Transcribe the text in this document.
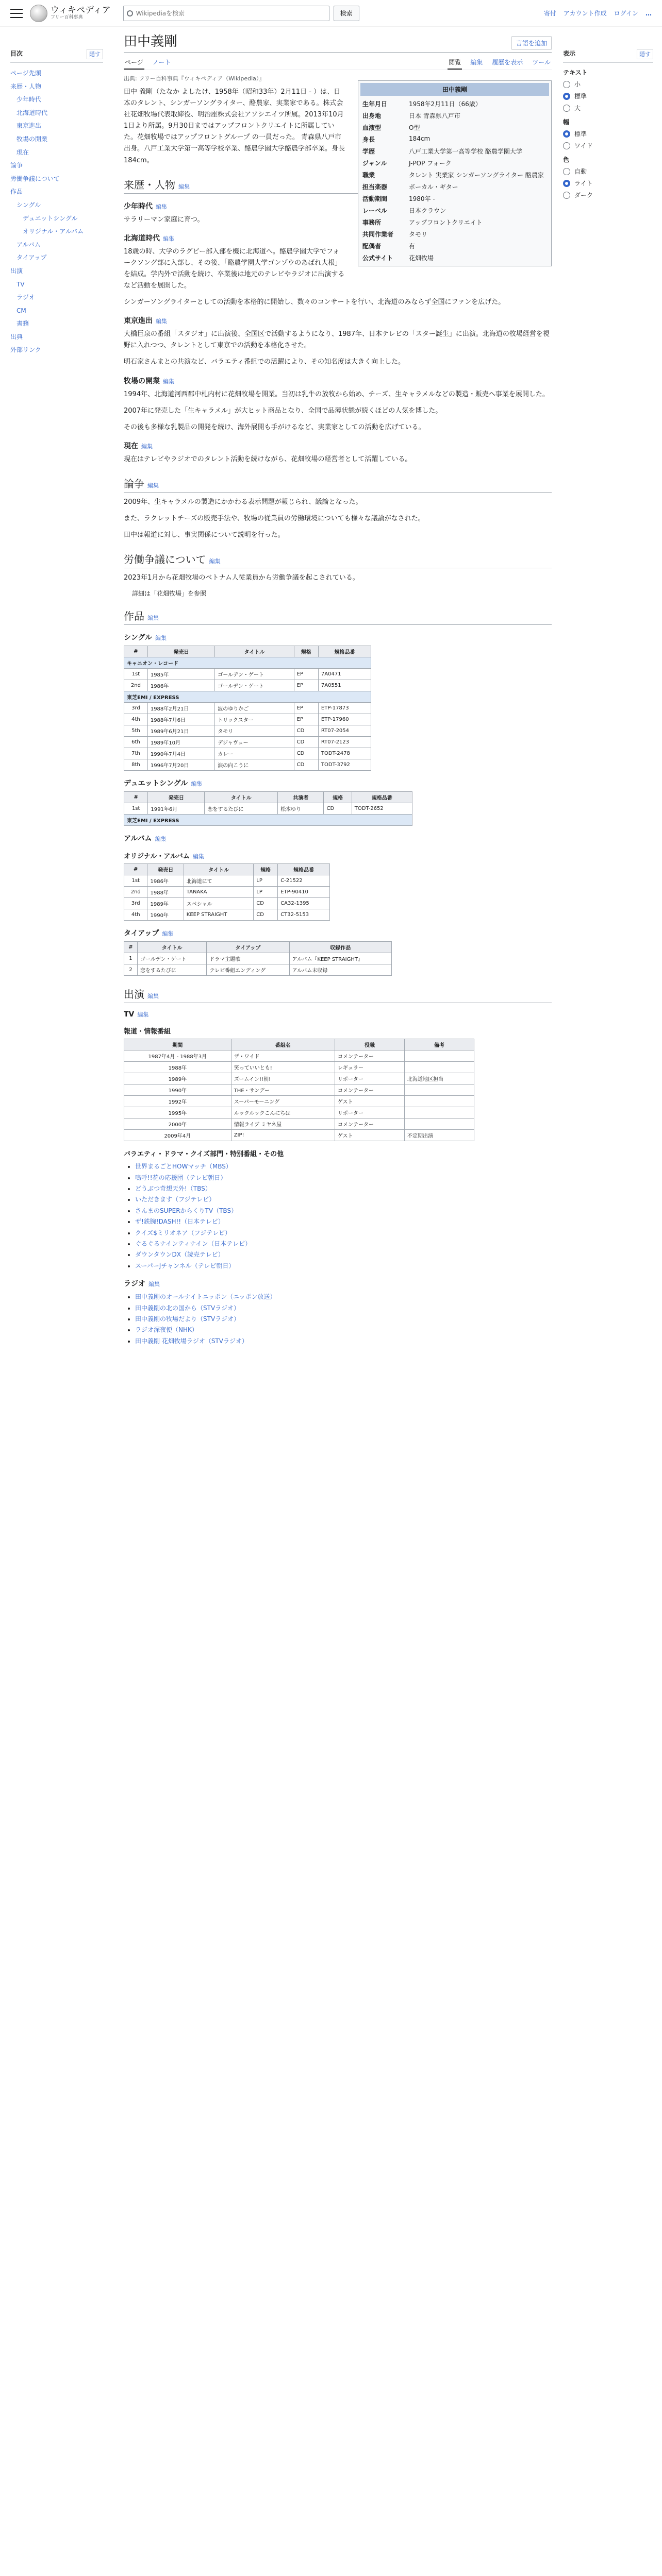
ウィキペディア
フリー百科事典
Wikipediaを検索
検索	寄付 アカウント作成 ログイン …
目次	隠す
ページ先頭
来歴・人物
少年時代
北海道時代
東京進出
牧場の開業
現在
論争
労働争議について
作品
シングル
デュエットシングル
オリジナル・アルバム
アルバム
タイアップ
出演
TV
ラジオ
CM
書籍
出典
外部リンク
田中義剛	言語を追加
ページ ノート	閲覧 編集 履歴を表示 ツール
出典: フリー百科事典『ウィキペディア（Wikipedia）』
田中義剛
生年月日	1958年2月11日（66歳）
出身地	日本 青森県八戸市
血液型	O型
身長	184cm
学歴	八戸工業大学第一高等学校 酪農学園大学
ジャンル	J-POP フォーク
職業	タレント 実業家 シンガーソングライター 酪農家
担当楽器	ボーカル・ギター
活動期間	1980年 -
レーベル	日本クラウン
事務所	アップフロントクリエイト
共同作業者	タモリ
配偶者	有
公式サイト	花畑牧場

田中 義剛（たなか よしたけ、1958年（昭和33年）2月11日 - ）は、日本のタレント、シンガーソングライター、酪農家、実業家である。株式会社花畑牧場代表取締役、明治座株式会社アソシエイツ所属。2013年10月1日より所属。9月30日まではアップフロントクリエイトに所属していた。花畑牧場ではアップフロントグループ の一員だった。 青森県八戸市出身。八戸工業大学第一高等学校卒業、酪農学園大学酪農学部卒業。身長184cm。

来歴・人物 編集
少年時代 編集

サラリーマン家庭に育つ。

北海道時代 編集

18歳の時、大学のラグビー部入部を機に北海道へ。酪農学園大学でフォークソング部に入部し、その後、「酪農学園大学ゴンゾウのあばれ大根」を結成。学内外で活動を続け、卒業後は地元のテレビやラジオに出演するなど活動を展開した。

シンガーソングライターとしての活動を本格的に開始し、数々のコンサートを行い、北海道のみならず全国にファンを広げた。

東京進出 編集

大橋巨泉の番組「スタジオ」に出演後、全国区で活動するようになり、1987年、日本テレビの「スター誕生」に出演。北海道の牧場経営を視野に入れつつ、タレントとして東京での活動を本格化させた。

明石家さんまとの共演など、バラエティ番組での活躍により、その知名度は大きく向上した。

牧場の開業 編集

1994年、北海道河西郡中札内村に花畑牧場を開業。当初は乳牛の放牧から始め、チーズ、生キャラメルなどの製造・販売へ事業を展開した。

2007年に発売した「生キャラメル」が大ヒット商品となり、全国で品薄状態が続くほどの人気を博した。

その後も多様な乳製品の開発を続け、海外展開も手がけるなど、実業家としての活動を広げている。

現在 編集

現在はテレビやラジオでのタレント活動を続けながら、花畑牧場の経営者として活躍している。

論争 編集

2009年、生キャラメルの製造にかかわる表示問題が報じられ、議論となった。

また、ラクレットチーズの販売手法や、牧場の従業員の労働環境についても様々な議論がなされた。

田中は報道に対し、事実関係について説明を行った。

労働争議について 編集

2023年1月から花畑牧場のベトナム人従業員から労働争議を起こされている。

詳細は「花畑牧場」を参照
作品 編集
シングル 編集
#	発売日	タイトル	規格	規格品番
キャニオン・レコード				
1st	1985年	ゴールデン・ゲート	EP	7A0471
2nd	1986年	ゴールデン・ゲート	EP	7A0551
東芝EMI / EXPRESS				
3rd	1988年2月21日	波のゆりかご	EP	ETP-17873
4th	1988年7月6日	トリックスター	EP	ETP-17960
5th	1989年6月21日	タモリ	CD	RT07-2054
6th	1989年10月	デジャヴュー	CD	RT07-2123
7th	1990年7月4日	カレー	CD	TODT-2478
8th	1996年7月20日	涙の向こうに	CD	TODT-3792
デュエットシングル 編集
#	発売日	タイトル	共演者	規格	規格品番
1st	1991年6月	恋をするたびに	松本ゆり	CD	TODT-2652
東芝EMI / EXPRESS					
アルバム 編集
オリジナル・アルバム 編集
#	発売日	タイトル	規格	規格品番
1st	1986年	北海道にて	LP	C-21522
2nd	1988年	TANAKA	LP	ETP-90410
3rd	1989年	スペシャル	CD	CA32-1395
4th	1990年	KEEP STRAIGHT	CD	CT32-5153
タイアップ 編集
#	タイトル	タイアップ	収録作品
1	ゴールデン・ゲート	ドラマ主題歌	アルバム『KEEP STRAIGHT』
2	恋をするたびに	テレビ番組エンディング	アルバム未収録
出演 編集
TV 編集
報道・情報番組
期間	番組名	役職	備考
1987年4月 - 1988年3月	ザ・ワイド	コメンテーター	
1988年	笑っていいとも!	レギュラー	
1989年	ズームイン!!朝!	リポーター	北海道地区担当
1990年	THE・サンデー	コメンテーター	
1992年	スーパーモーニング	ゲスト	
1995年	ルックルックこんにちは	リポーター	
2000年	情報ライブ ミヤネ屋	コメンテーター	
2009年4月	ZIP!	ゲスト	不定期出演
バラエティ・ドラマ・クイズ部門・特別番組・その他
• 世界まるごとHOWマッチ（MBS）
• 嗚呼!!花の応援団（テレビ朝日）
• どうぶつ奇想天外!（TBS）
• いただきます（フジテレビ）
• さんまのSUPERからくりTV（TBS）
• ザ!鉄腕!DASH!!（日本テレビ）
• クイズ$ミリオネア（フジテレビ）
• ぐるぐるナインティナイン（日本テレビ）
• ダウンタウンDX（読売テレビ）
• スーパーJチャンネル（テレビ朝日）
ラジオ 編集
• 田中義剛のオールナイトニッポン（ニッポン放送）
• 田中義剛の北の国から（STVラジオ）
• 田中義剛の牧場だより（STVラジオ）
• ラジオ深夜便（NHK）
• 田中義剛 花畑牧場ラジオ（STVラジオ）
表示	隠す
テキスト
小
標準
大
幅
標準
ワイド
色
自動
ライト
ダーク
